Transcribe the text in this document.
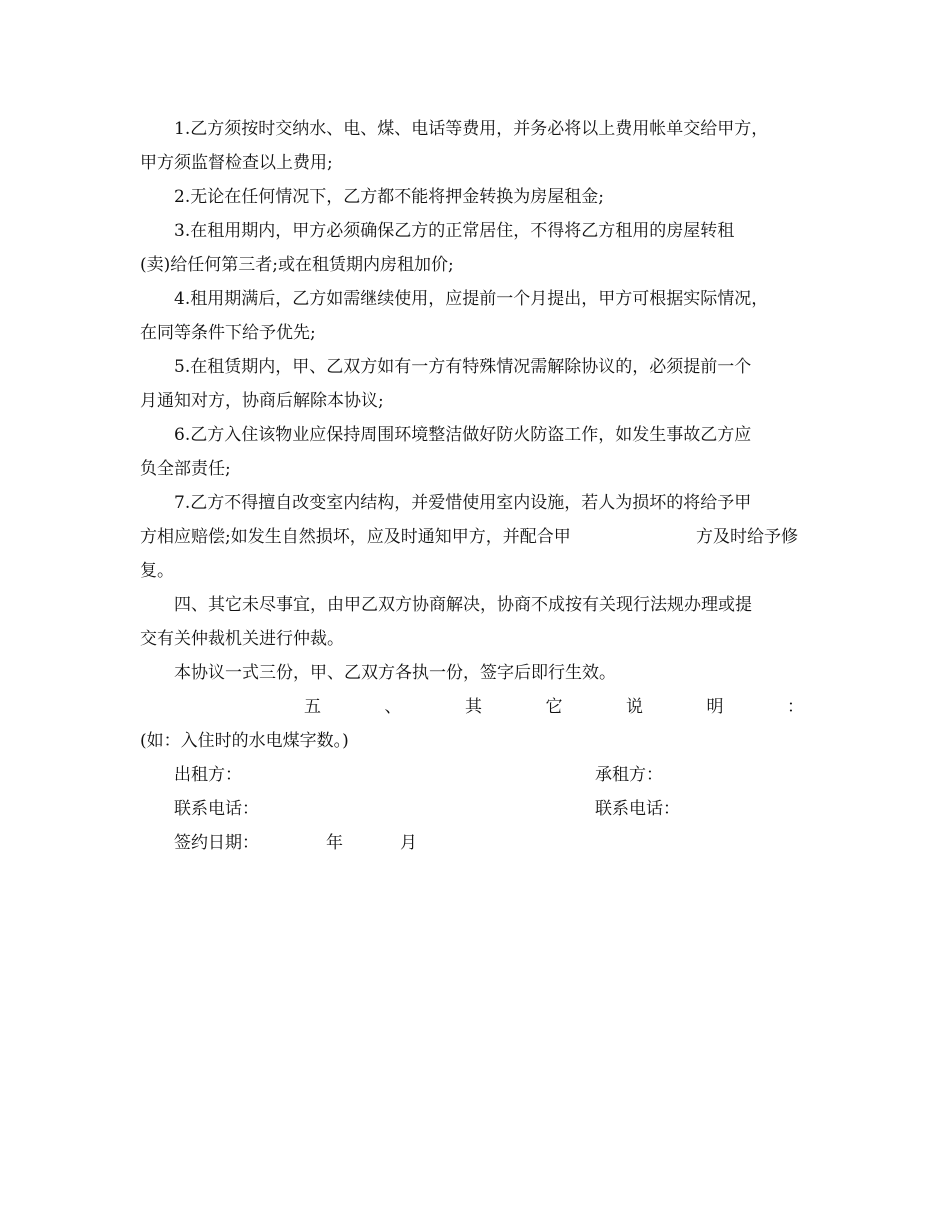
1.乙方须按时交纳水、电、煤、电话等费用，并务必将以上费用帐单交给甲方，
甲方须监督检查以上费用;

2.无论在任何情况下，乙方都不能将押金转换为房屋租金;

3.在租用期内，甲方必须确保乙方的正常居住，不得将乙方租用的房屋转租
(卖)给任何第三者;或在租赁期内房租加价;

4.租用期满后，乙方如需继续使用，应提前一个月提出，甲方可根据实际情况，
在同等条件下给予优先;

5.在租赁期内，甲、乙双方如有一方有特殊情况需解除协议的，必须提前一个
月通知对方，协商后解除本协议;

6.乙方入住该物业应保持周围环境整洁做好防火防盗工作，如发生事故乙方应
负全部责任;

7.乙方不得擅自改变室内结构，并爱惜使用室内设施，若人为损坏的将给予甲

方相应赔偿;如发生自然损坏，应及时通知甲方，并配合甲	方及时给予修

复。

四、其它未尽事宜，由甲乙双方协商解决，协商不成按有关现行法规办理或提
交有关仲裁机关进行仲裁。

本协议一式三份，甲、乙双方各执一份，签字后即行生效。

五	、	其	它	说	明	：

(如：入住时的水电煤字数。)

出租方：	承租方：
联系电话：	联系电话：
签约日期：	年	月
